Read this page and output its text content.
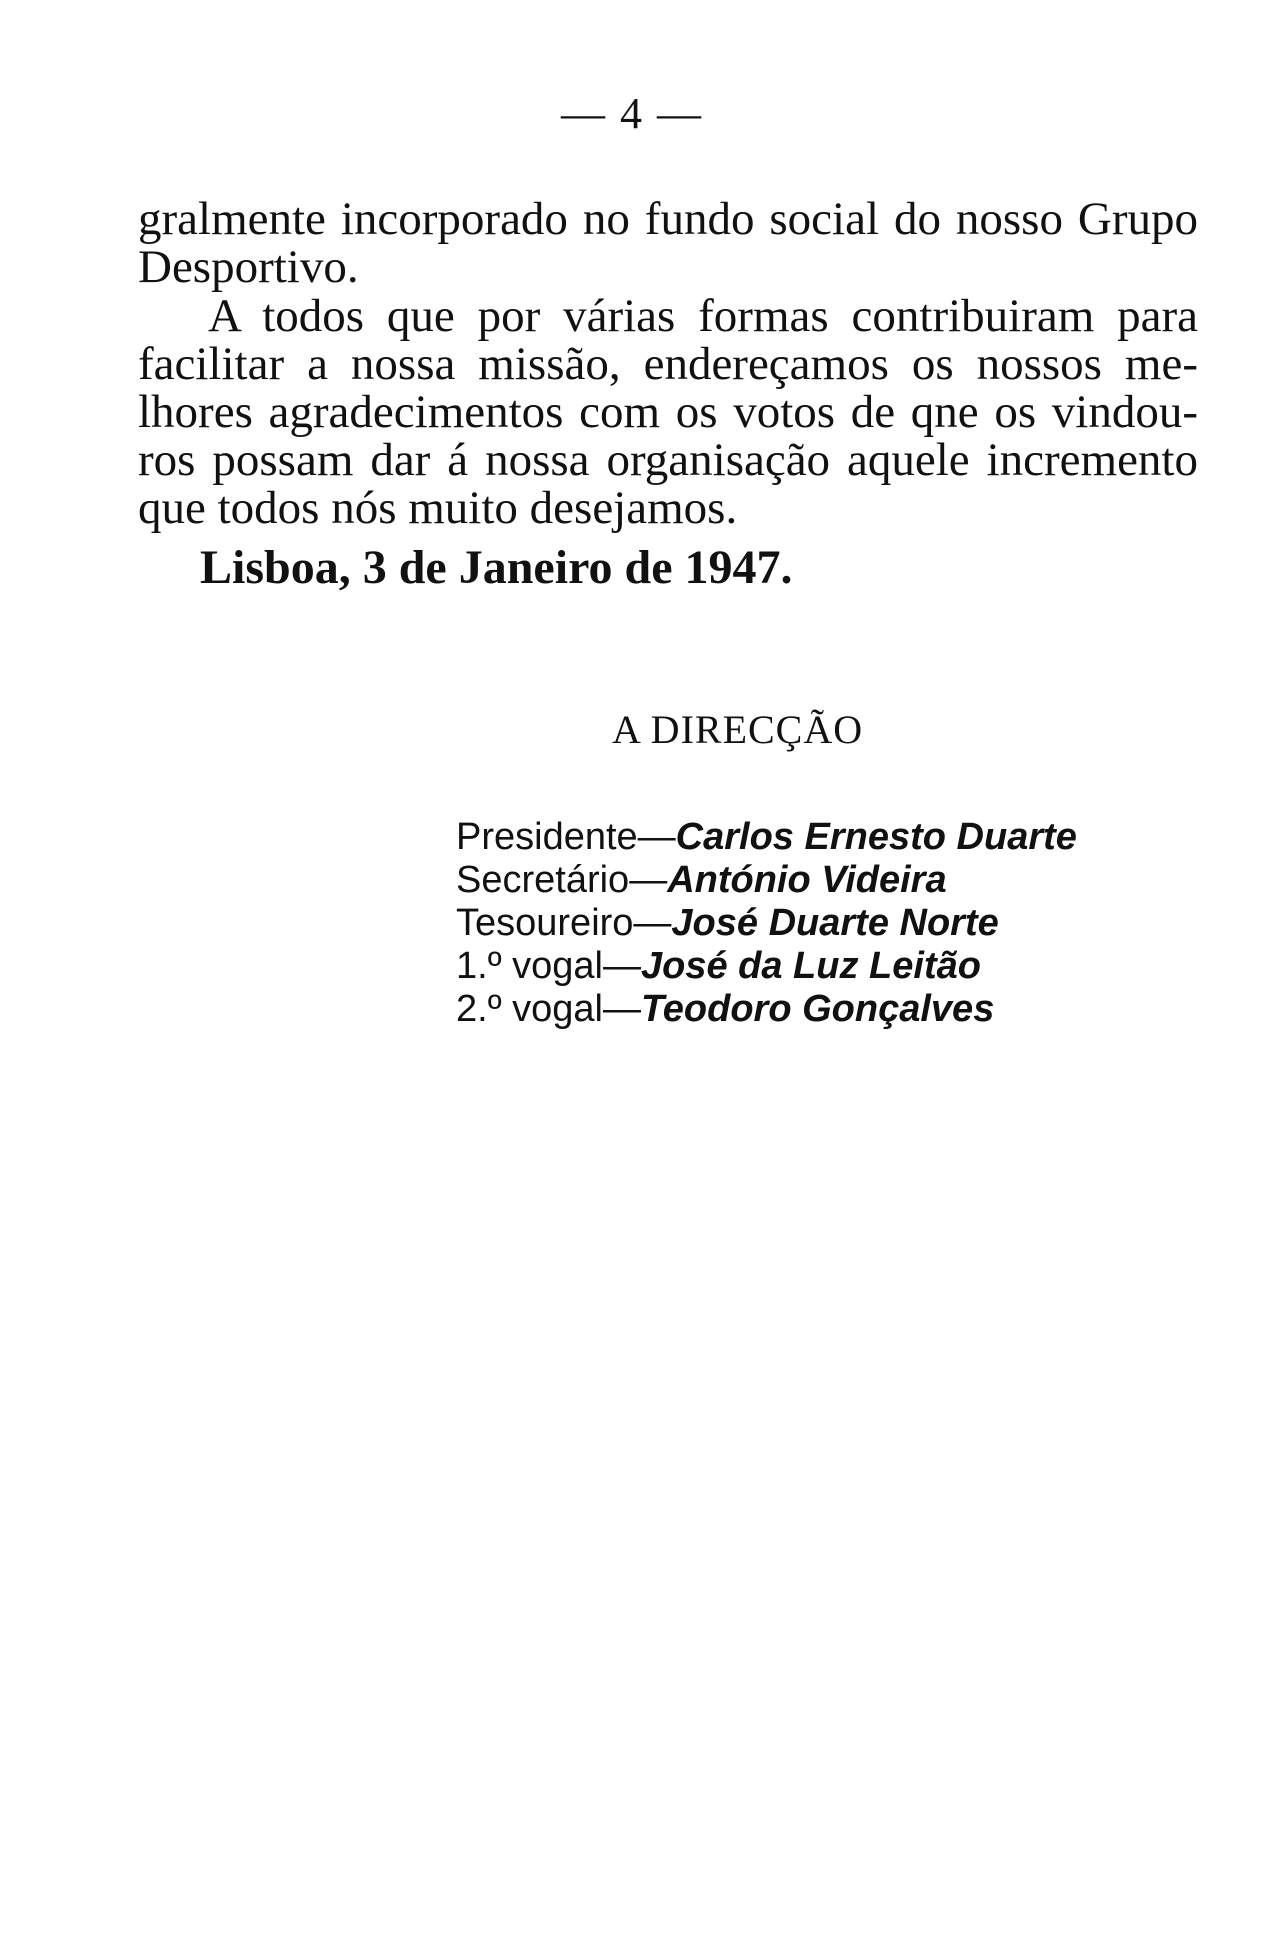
— 4 —
gralmente incorporado no fundo social do nosso Grupo
Desportivo.
A todos que por várias formas contribuiram para
facilitar a nossa missão, endereçamos os nossos me-
lhores agradecimentos com os votos de qne os vindou-
ros possam dar á nossa organisação aquele incremento
que todos nós muito desejamos.
Lisboa, 3 de Janeiro de 1947.
A DIRECÇÃO
Presidente—Carlos Ernesto Duarte
Secretário—António Videira
Tesoureiro—José Duarte Norte
1.º vogal—José da Luz Leitão
2.º vogal—Teodoro Gonçalves
